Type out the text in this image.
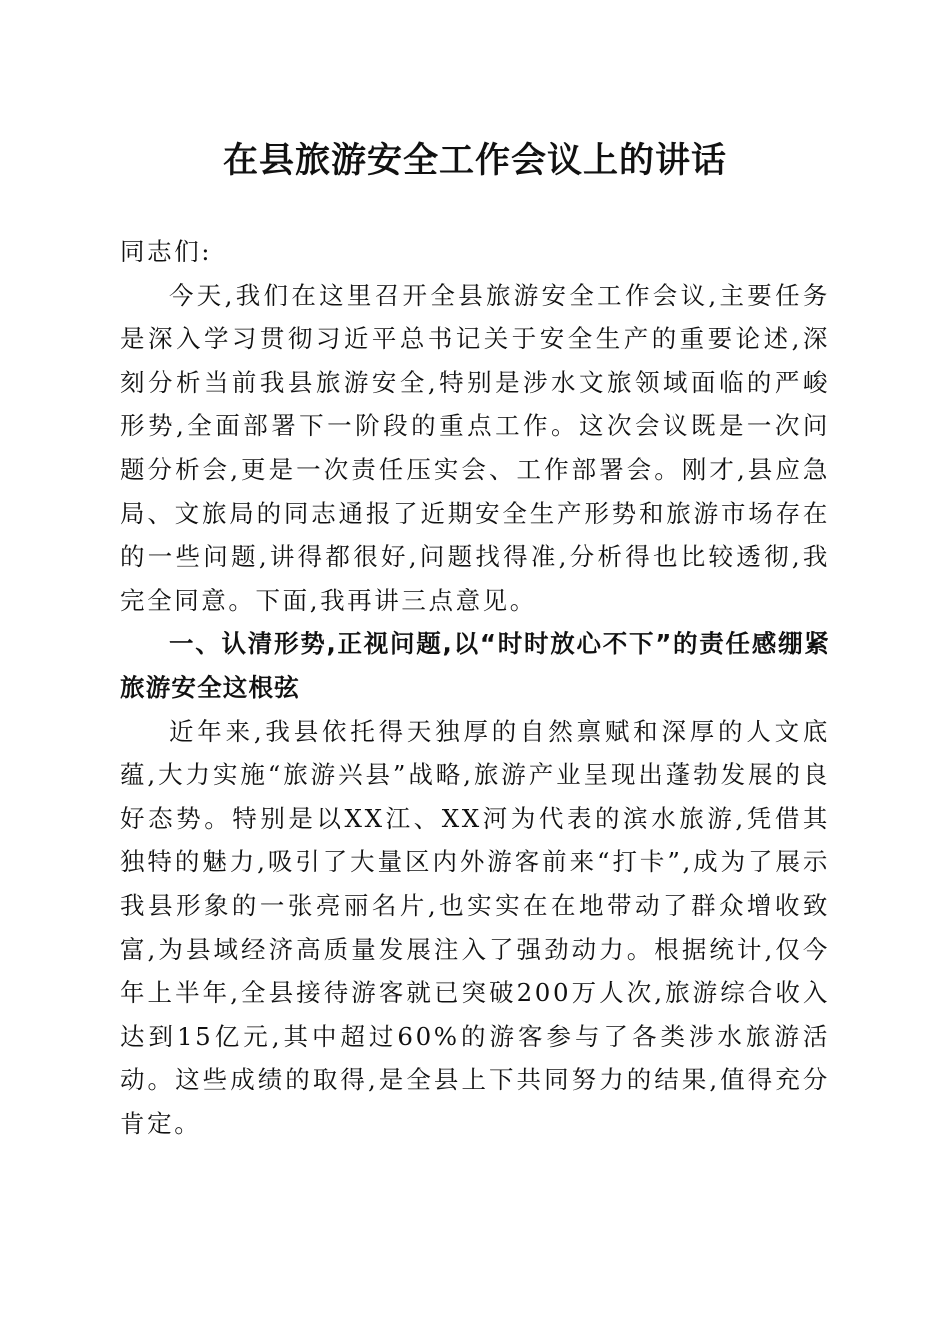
在县旅游安全工作会议上的讲话

同志们:

今天,我们在这里召开全县旅游安全工作会议,主要任务是深入学习贯彻习近平总书记关于安全生产的重要论述,深刻分析当前我县旅游安全,特别是涉水文旅领域面临的严峻形势,全面部署下一阶段的重点工作。这次会议既是一次问题分析会,更是一次责任压实会、工作部署会。刚才,县应急局、文旅局的同志通报了近期安全生产形势和旅游市场存在的一些问题,讲得都很好,问题找得准,分析得也比较透彻,我完全同意。下面,我再讲三点意见。

一、认清形势,正视问题,以“时时放心不下”的责任感绷紧旅游安全这根弦

近年来,我县依托得天独厚的自然禀赋和深厚的人文底蕴,大力实施“旅游兴县”战略,旅游产业呈现出蓬勃发展的良好态势。特别是以XX江、XX河为代表的滨水旅游,凭借其独特的魅力,吸引了大量区内外游客前来“打卡”,成为了展示我县形象的一张亮丽名片,也实实在在地带动了群众增收致富,为县域经济高质量发展注入了强劲动力。根据统计,仅今年上半年,全县接待游客就已突破200万人次,旅游综合收入达到15亿元,其中超过60%的游客参与了各类涉水旅游活动。这些成绩的取得,是全县上下共同努力的结果,值得充分肯定。
